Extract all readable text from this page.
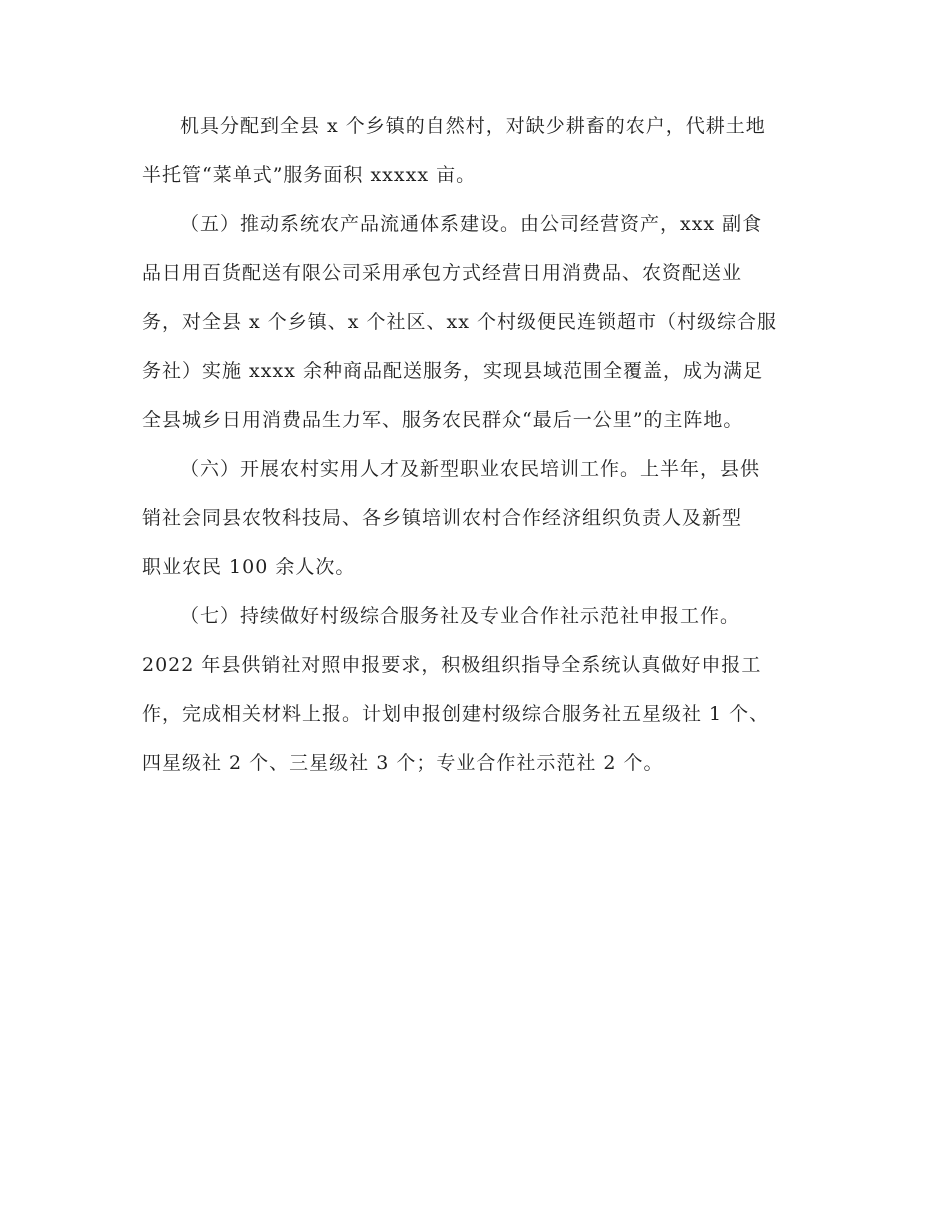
机具分配到全县 x 个乡镇的自然村，对缺少耕畜的农户，代耕土地
半托管“菜单式”服务面积 xxxxx 亩。
（五）推动系统农产品流通体系建设。由公司经营资产，xxx 副食
品日用百货配送有限公司采用承包方式经营日用消费品、农资配送业
务，对全县 x 个乡镇、x 个社区、xx 个村级便民连锁超市（村级综合服
务社）实施 xxxx 余种商品配送服务，实现县域范围全覆盖，成为满足
全县城乡日用消费品生力军、服务农民群众“最后一公里”的主阵地。
（六）开展农村实用人才及新型职业农民培训工作。上半年，县供
销社会同县农牧科技局、各乡镇培训农村合作经济组织负责人及新型
职业农民 100 余人次。
（七）持续做好村级综合服务社及专业合作社示范社申报工作。
2022 年县供销社对照申报要求，积极组织指导全系统认真做好申报工
作，完成相关材料上报。计划申报创建村级综合服务社五星级社 1 个、
四星级社 2 个、三星级社 3 个；专业合作社示范社 2 个。
